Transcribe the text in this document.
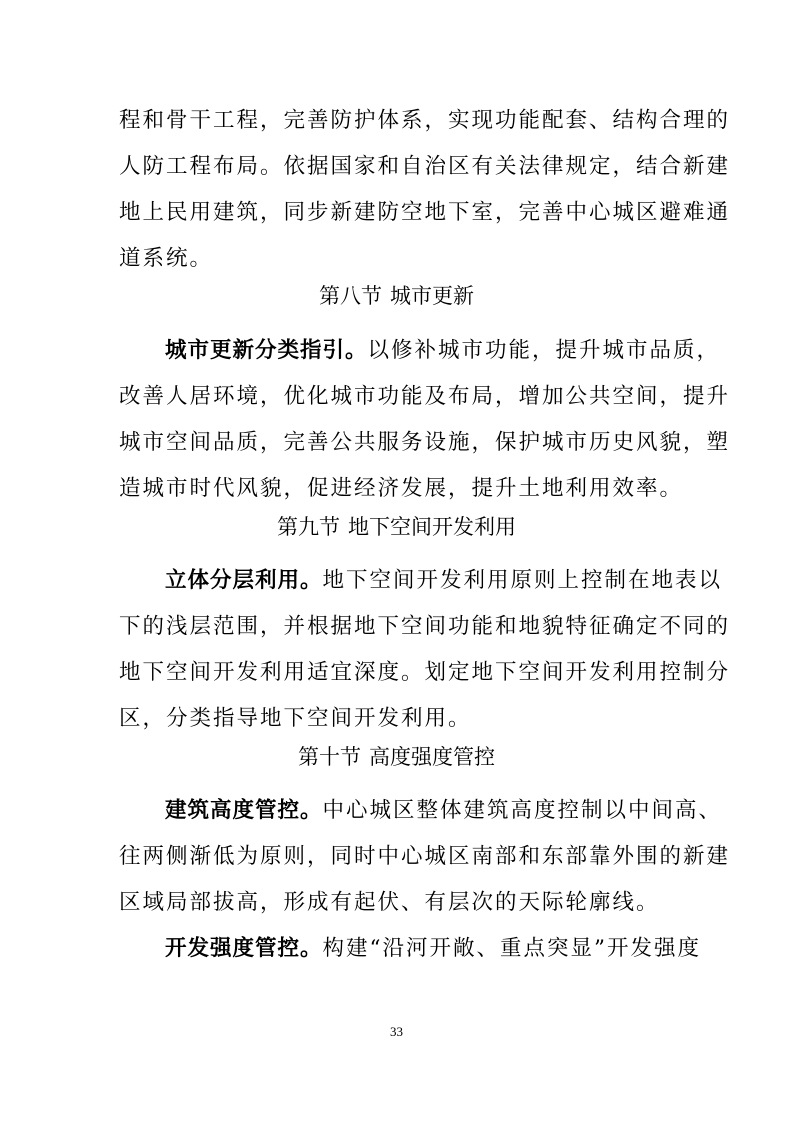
程和骨干工程，完善防护体系，实现功能配套、结构合理的
人防工程布局。依据国家和自治区有关法律规定，结合新建
地上民用建筑，同步新建防空地下室，完善中心城区避难通
道系统。
第八节 城市更新
城市更新分类指引。以修补城市功能，提升城市品质，
改善人居环境，优化城市功能及布局，增加公共空间，提升
城市空间品质，完善公共服务设施，保护城市历史风貌，塑
造城市时代风貌，促进经济发展，提升土地利用效率。
第九节 地下空间开发利用
立体分层利用。地下空间开发利用原则上控制在地表以
下的浅层范围，并根据地下空间功能和地貌特征确定不同的
地下空间开发利用适宜深度。划定地下空间开发利用控制分
区，分类指导地下空间开发利用。
第十节 高度强度管控
建筑高度管控。中心城区整体建筑高度控制以中间高、
往两侧渐低为原则，同时中心城区南部和东部靠外围的新建
区域局部拔高，形成有起伏、有层次的天际轮廓线。
开发强度管控。构建“沿河开敞、重点突显”开发强度
33
